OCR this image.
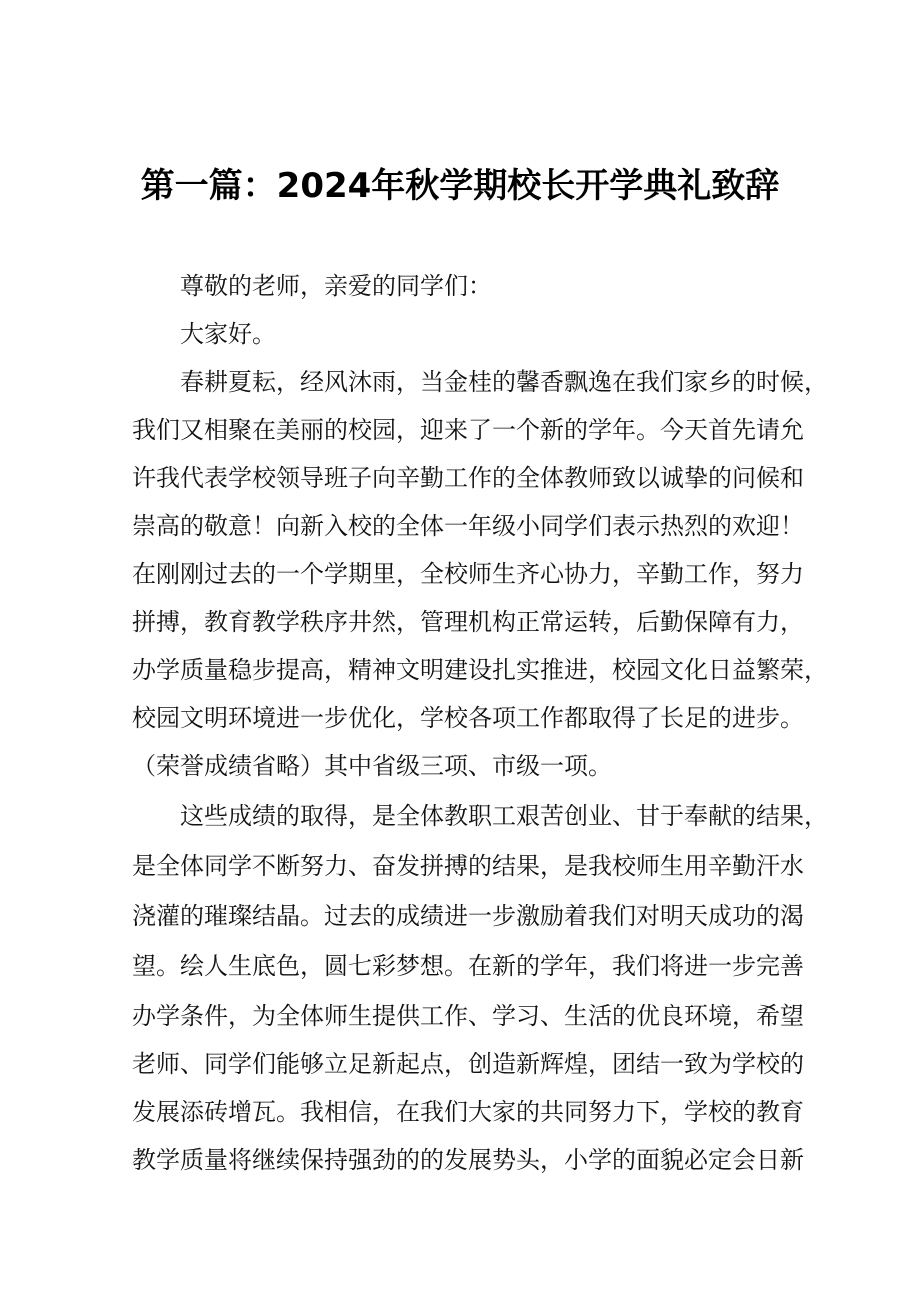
第一篇：2024年秋学期校长开学典礼致辞
尊敬的老师，亲爱的同学们：
大家好。
春耕夏耘，经风沐雨，当金桂的馨香飘逸在我们家乡的时候，
我们又相聚在美丽的校园，迎来了一个新的学年。今天首先请允
许我代表学校领导班子向辛勤工作的全体教师致以诚挚的问候和
崇高的敬意！向新入校的全体一年级小同学们表示热烈的欢迎！
在刚刚过去的一个学期里，全校师生齐心协力，辛勤工作，努力
拼搏，教育教学秩序井然，管理机构正常运转，后勤保障有力，
办学质量稳步提高，精神文明建设扎实推进，校园文化日益繁荣，
校园文明环境进一步优化，学校各项工作都取得了长足的进步。
（荣誉成绩省略）其中省级三项、市级一项。
这些成绩的取得，是全体教职工艰苦创业、甘于奉献的结果，
是全体同学不断努力、奋发拼搏的结果，是我校师生用辛勤汗水
浇灌的璀璨结晶。过去的成绩进一步激励着我们对明天成功的渴
望。绘人生底色，圆七彩梦想。在新的学年，我们将进一步完善
办学条件，为全体师生提供工作、学习、生活的优良环境，希望
老师、同学们能够立足新起点，创造新辉煌，团结一致为学校的
发展添砖增瓦。我相信，在我们大家的共同努力下，学校的教育
教学质量将继续保持强劲的的发展势头，小学的面貌必定会日新
